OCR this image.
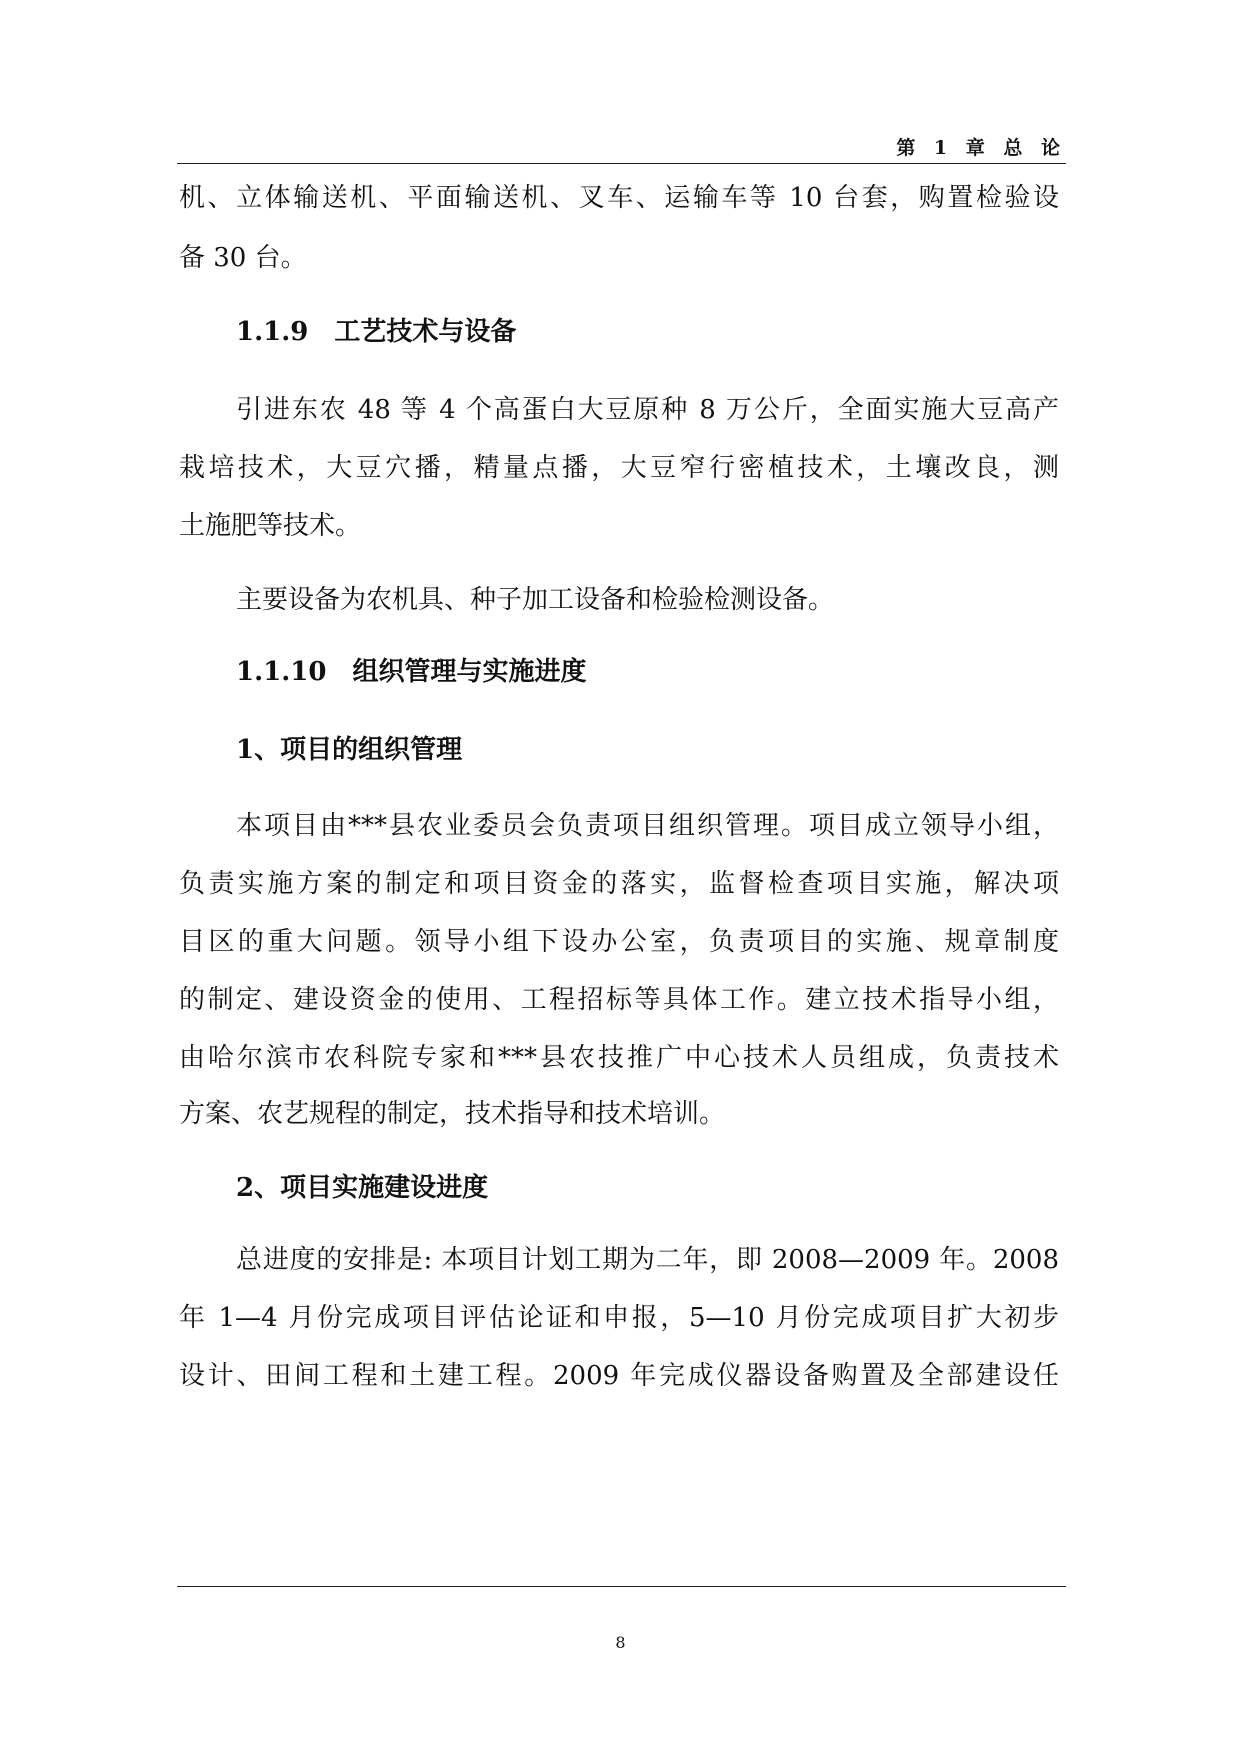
第 1 章 总 论
机、立体输送机、平面输送机、叉车、运输车等 10 台套，购置检验设
备 30 台。
1.1.9　工艺技术与设备
引进东农 48 等 4 个高蛋白大豆原种 8 万公斤，全面实施大豆高产
栽培技术，大豆穴播，精量点播，大豆窄行密植技术，土壤改良，测
土施肥等技术。
主要设备为农机具、种子加工设备和检验检测设备。
1.1.10　组织管理与实施进度
1、项目的组织管理
本项目由***县农业委员会负责项目组织管理。项目成立领导小组，
负责实施方案的制定和项目资金的落实，监督检查项目实施，解决项
目区的重大问题。领导小组下设办公室，负责项目的实施、规章制度
的制定、建设资金的使用、工程招标等具体工作。建立技术指导小组，
由哈尔滨市农科院专家和***县农技推广中心技术人员组成，负责技术
方案、农艺规程的制定，技术指导和技术培训。
2、项目实施建设进度
总进度的安排是: 本项目计划工期为二年，即 2008—2009 年。2008
年 1—4 月份完成项目评估论证和申报，5—10 月份完成项目扩大初步
设计、田间工程和土建工程。2009 年完成仪器设备购置及全部建设任
8
